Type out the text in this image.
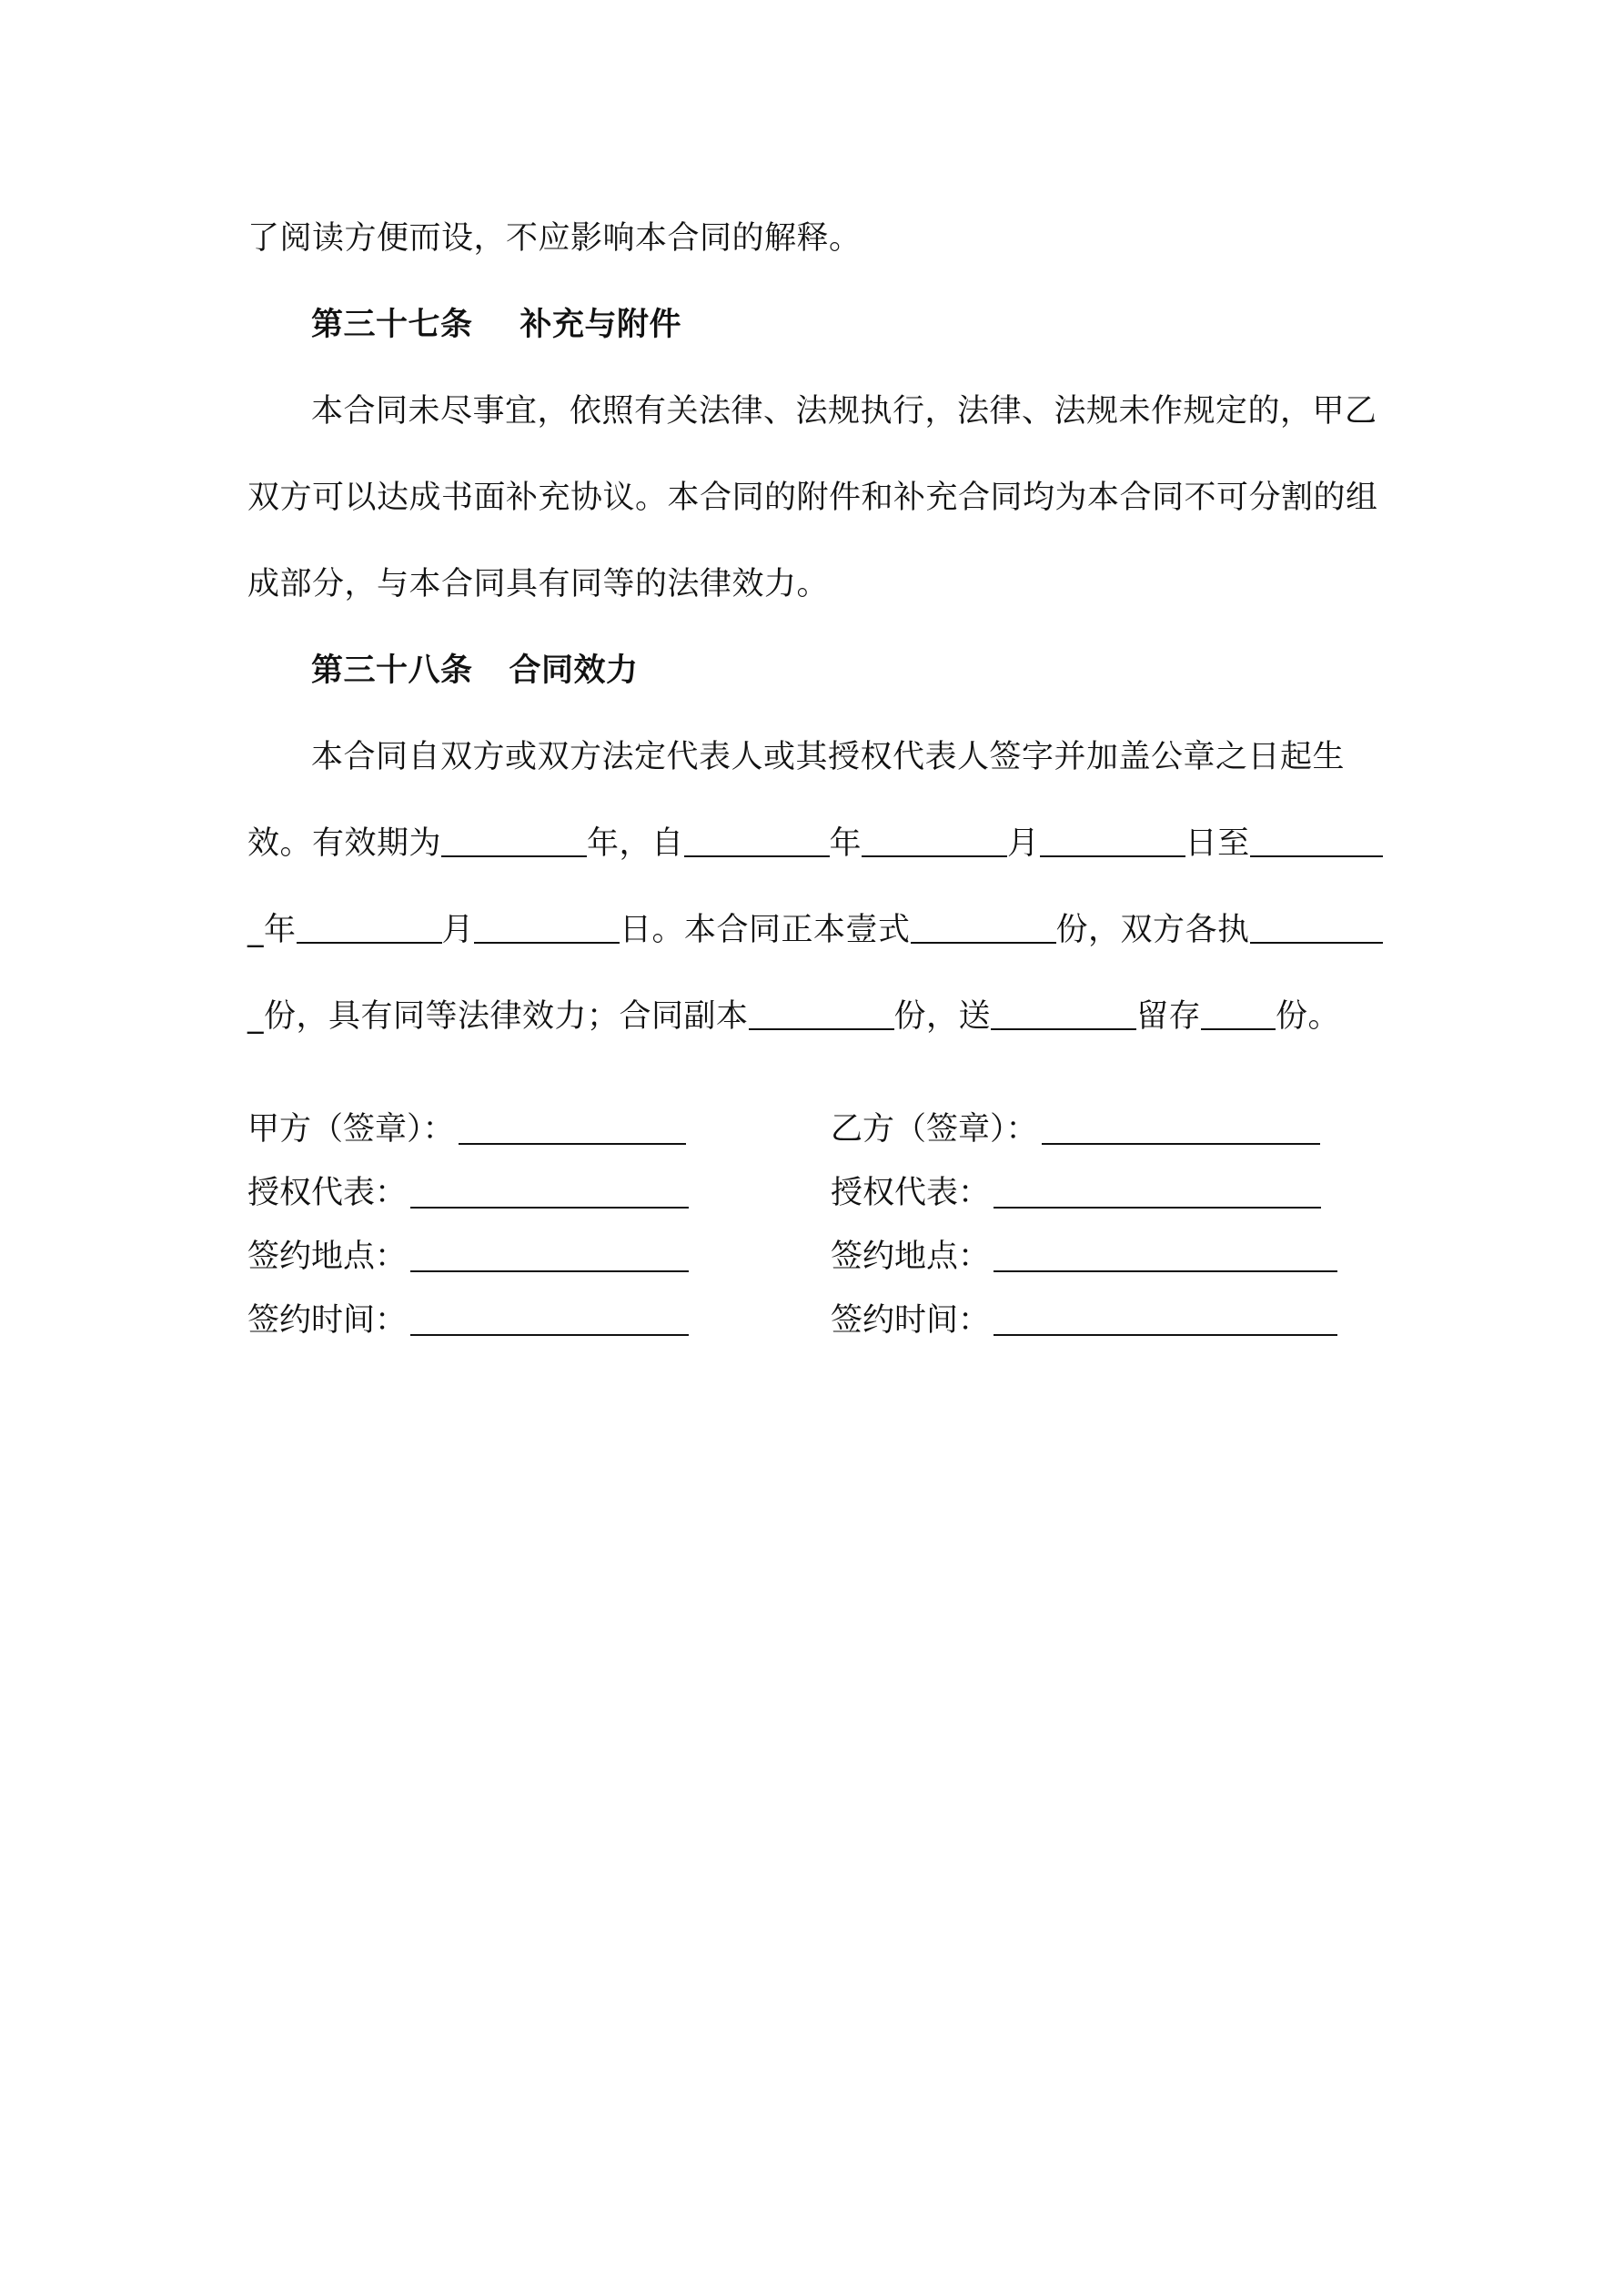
了阅读方便而设，不应影响本合同的解释。
第三十七条 补充与附件
本合同未尽事宜，依照有关法律、法规执行，法律、法规未作规定的，甲乙
双方可以达成书面补充协议。本合同的附件和补充合同均为本合同不可分割的组
成部分，与本合同具有同等的法律效力。
第三十八条 合同效力
本合同自双方或双方法定代表人或其授权代表人签字并加盖公章之日起生
效。有效期为	年，自	年	月	日至
_年	月	日。本合同正本壹式	份，双方各执
_份，具有同等法律效力；合同副本	份，送	留存 份。
甲方（签章）：
授权代表：
签约地点：
签约时间：
乙方（签章）：
授权代表：
签约地点：
签约时间：
